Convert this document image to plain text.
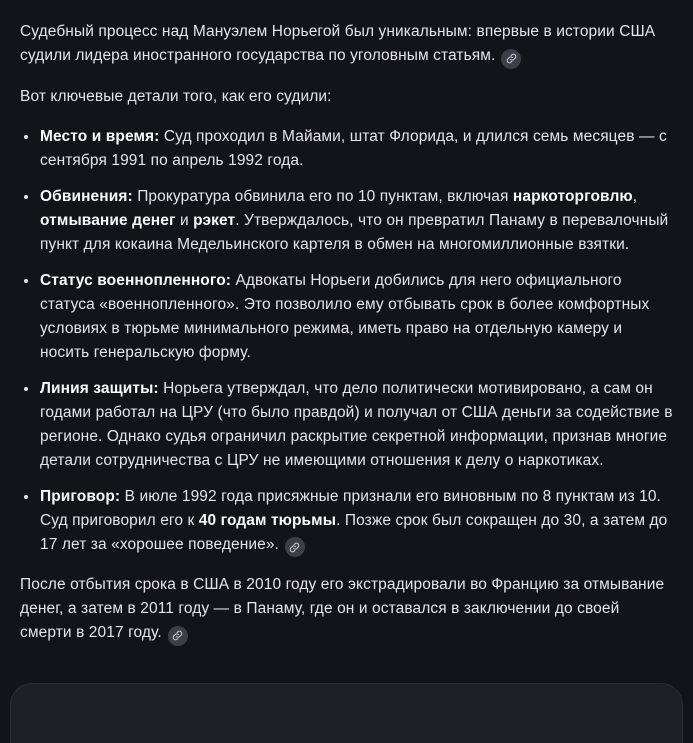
Судебный процесс над Мануэлем Норьегой был уникальным: впервые в истории США судили лидера иностранного государства по уголовным статьям.

Вот ключевые детали того, как его судили:

Место и время: Суд проходил в Майами, штат Флорида, и длился семь месяцев — с сентября 1991 по апрель 1992 года.
Обвинения: Прокуратура обвинила его по 10 пунктам, включая наркоторговлю, отмывание денег и рэкет. Утверждалось, что он превратил Панаму в перевалочный пункт для кокаина Медельинского картеля в обмен на многомиллионные взятки.
Статус военнопленного: Адвокаты Норьеги добились для него официального статуса «военнопленного». Это позволило ему отбывать срок в более комфортных условиях в тюрьме минимального режима, иметь право на отдельную камеру и носить генеральскую форму.
Линия защиты: Норьега утверждал, что дело политически мотивировано, а сам он годами работал на ЦРУ (что было правдой) и получал от США деньги за содействие в регионе. Однако судья ограничил раскрытие секретной информации, признав многие детали сотрудничества с ЦРУ не имеющими отношения к делу о наркотиках.
Приговор: В июле 1992 года присяжные признали его виновным по 8 пунктам из 10. Суд приговорил его к 40 годам тюрьмы. Позже срок был сокращен до 30, а затем до 17 лет за «хорошее поведение».

После отбытия срока в США в 2010 году его экстрадировали во Францию за отмывание денег, а затем в 2011 году — в Панаму, где он и оставался в заключении до своей смерти в 2017 году.
